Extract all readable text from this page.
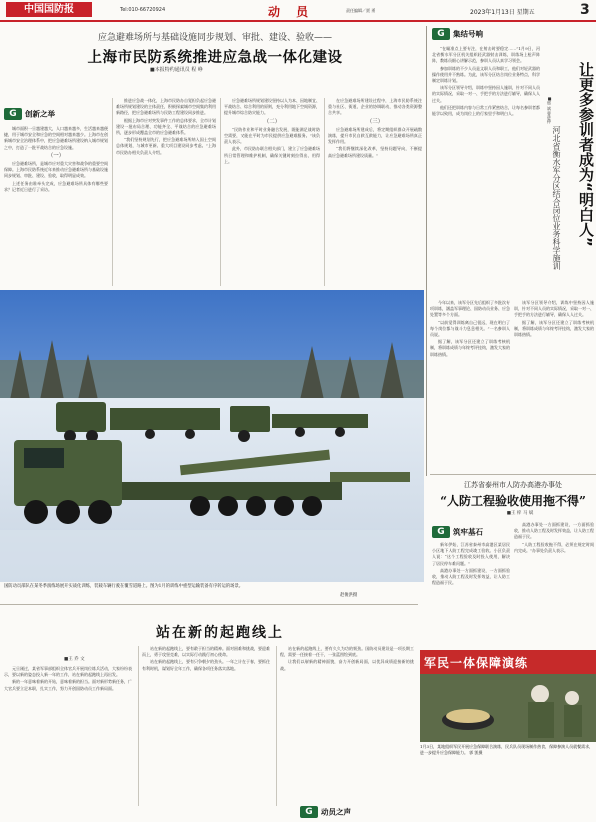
中国国防报	Tel:010-66720924	动 员	责任编辑／贾 勇	2023年1月13日 星期五	3
应急避难场所与基础设施同步规划、审批、建设、验收——
上海市民防系统推进应急战一体化建设
■本报特约通讯员 程 峥
G 创新之举

城市面积一旦越建越大，人口越来越多，生活越来越便捷，用于城市安全和应急的空间相对越来越少。上海市在创新城市安全治理体系中，把应急避难场所建设纳入城市规划之中，打造了一批平战结合的应急设施。

（一）

应急避难场所，是城市应对重大灾害和战争的重要空间保障。上海市民防系统近年来推动应急避难场所与基础设施同步规划、审批、建设、验收，取得明显成效。

上述任务由谁牵头完成，应急避难场所具体有哪些要求？记者近日进行了采访。

推进应急战一体化，上海市民防办自觉担负起应急避难场所规划建设的主体责任，积极探索城市空间集约利用新路径，把应急避难场所与民防工程建设同步推进。

根据上海市应对突发事件工作的总体要求，全市计划建设一批布局合理、功能齐全、平战结合的应急避难场所，逐步形成覆盖全市的应急避难体系。

“我们坚持规划先行，把应急避难场所纳入国土空间总体规划，与城市更新、重大项目建设同步考虑。”上海市民防办相关负责人介绍。

应急避难场所规划建设坚持以人为本、因地制宜、平战结合、综合利用的原则，充分利用地下空间资源，提升城市综合防灾能力。

（二）

“民防作业和平时业务融合发展，既能满足战时防空需要，又能在平时为市民提供应急避难服务。”该负责人表示。

此外，市民防办联合相关部门，建立了应急避难场所日常管理和维护机制，确保关键时刻拉得出、用得上。

在应急避难场所建设过程中，上海市民防系统注重与社区、街道、企业的协调联动，推动各类资源整合共享。

（三）

应急避难场所建成后，将定期组织群众开展疏散演练，提升市民自救互救能力，让应急避难场所真正发挥作用。

“我们将继续深化改革，坚持问题导向，不断提高应急避难场所建设质量。”

G 集结号响
让更多参训者成为“明白人”
河北省衡水军分区结合岗位业务科学施训
■邢 斌 曹进仲

“在瞄准点上要专注，在射击时要稳定……”1月9日，河北省衡水军分区机关组织轻武器射击训练，训练场上枪声阵阵，教练员细心讲解示范，参训人员认真学习领会。

参加训练的不少人员是文职人员和职工，他们对轻武器的操作使用并不熟练。为此，该军分区结合岗位业务特点，科学制定训练计划。

该军分区领导介绍，训练中坚持因人施训，针对不同人员的实际情况，采取一对一、手把手的方法进行辅导，确保人人过关。

他们还把训练内容与日常工作紧密结合，让每名参训者都能学以致用，成为岗位上的行家里手和明白人。

今年以来，该军分区先后组织了多批次专项训练，涵盖军事理论、国防动员业务、应急处置等多个方面。

“以前觉得训练离自己很远，现在明白了每个岗位都与战斗力息息相关。”一名参训人员说。

据了解，该军分区还建立了训练考核机制，将训练成绩与年终考评挂钩，激发大家的训练热情。

该军分区领导介绍，训练中坚持因人施训，针对不同人员的实际情况，采取一对一、手把手的方法进行辅导，确保人人过关。

据了解，该军分区还建立了训练考核机制，将训练成绩与年终考评挂钩，激发大家的训练热情。

国防动员部队在某冬季演练场展开实战化训练，装载车辆行驶在覆雪道路上。图为1月的训练中重型运输装备有序转运的场景。
赵俊洪摄
江苏省泰州市人防办高港办事处
“人防工程验收使用拖不得”
■王 梓 马 斌
G 筑牢基石

新年伊始，江苏省泰州市高港区某居民小区地下人防工程完成竣工验收。小区负责人说：“这个工程验收及时投入使用，解决了居民停车难问题。”

高港办事处一方面抓建设，一方面抓验收，推动人防工程及时发挥效益，让人防工程造福于民。

高港办事处一方面抓建设，一方面抓验收，推动人防工程及时发挥效益，让人防工程造福于民。

“人防工程验收拖不得，必须在规定时间内完成。”办事处负责人表示。

站在新的起跑线上
■王 乔 文

元旦刚过，某省军事部组织全体官兵开展岗位练兵活动，大家纷纷表示，要以新的姿态投入新一年的工作，站在新的起跑线上再出发。

新的一年意味着新的开始，意味着新的担当。面对新形势新任务，广大官兵要立足本职，扎实工作，努力开创国防动员工作新局面。

站在新的起跑线上，要有敢于担当的精神。面对困难和挑战，要迎难而上，勇于攻坚克难，以实际行动践行初心使命。

站在新的起跑线上，要有只争朝夕的劲头。一年之计在于春，要抓住有利时机，谋划好全年工作，确保各项任务落实落地。

站在新的起跑线上，要有久久为功的韧劲。国防动员建设是一项长期工程，需要一任接着一任干，一张蓝图绘到底。

让我们以崭新的精神面貌，奋力开创新局面，以优异成绩迎接新的挑战。

G 动员之声
军民一体保障演练
1月3日，某地组织军民开展应急保障联合演练，民兵队员现场制作热食，保障参演人员就餐需求，进一步提升应急保障能力。 郭 凯摄
